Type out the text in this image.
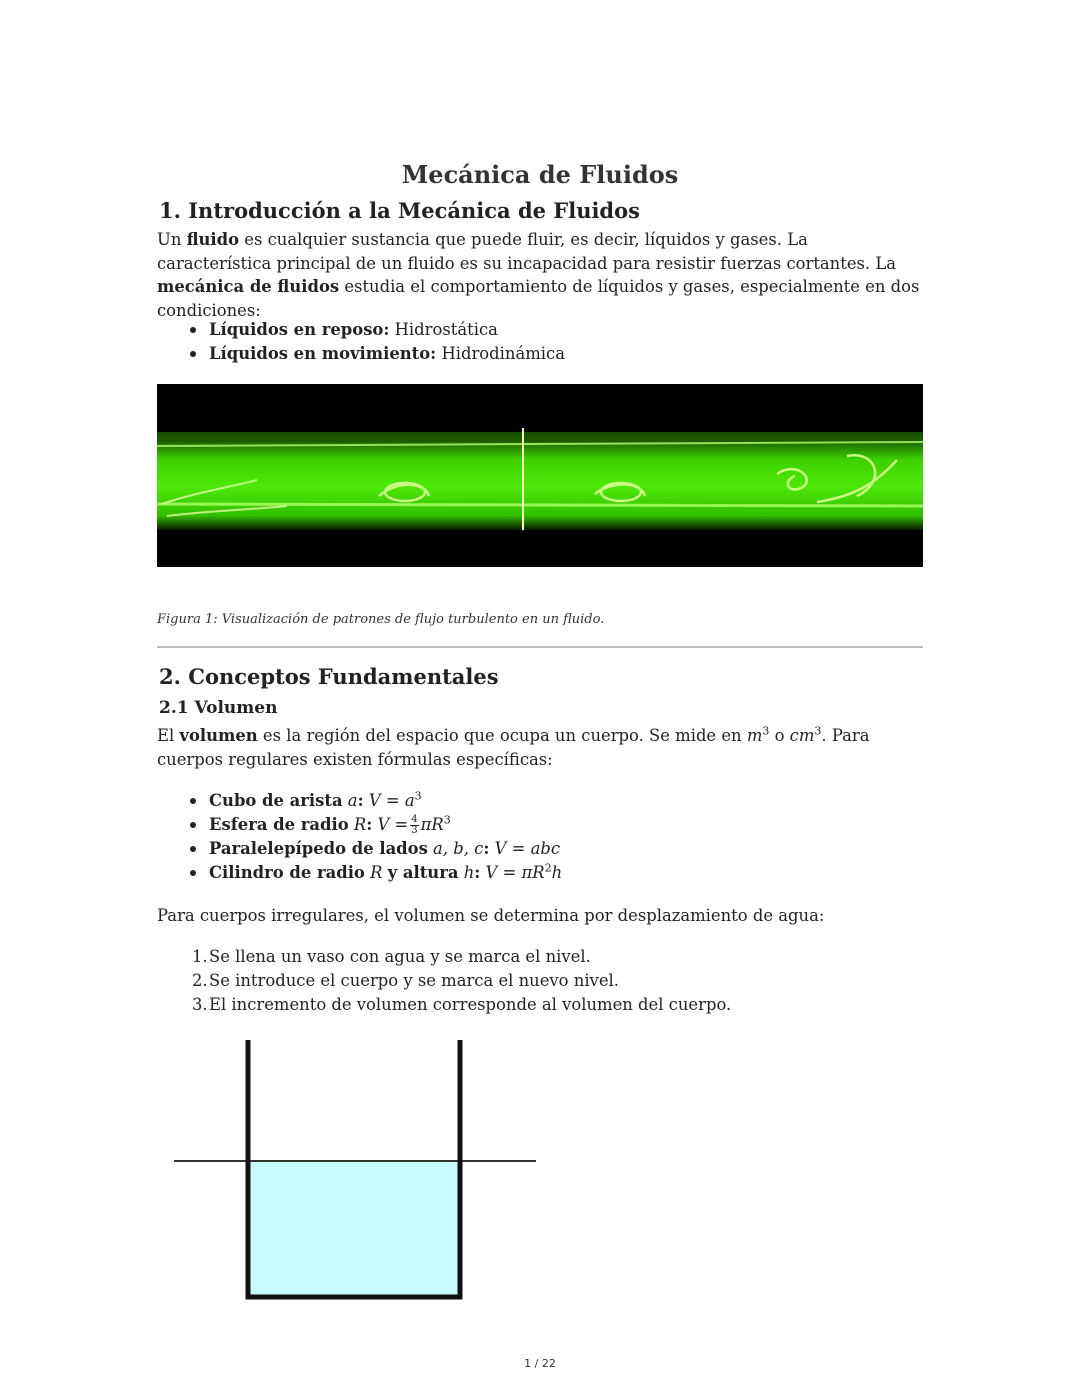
Mecánica de Fluidos
1. Introducción a la Mecánica de Fluidos

Un fluido es cualquier sustancia que puede fluir, es decir, líquidos y gases. La característica principal de un fluido es su incapacidad para resistir fuerzas cortantes. La mecánica de fluidos estudia el comportamiento de líquidos y gases, especialmente en dos condiciones:

Líquidos en reposo: Hidrostática
Líquidos en movimiento: Hidrodinámica

Figura 1: Visualización de patrones de flujo turbulento en un fluido.

2. Conceptos Fundamentales
2.1 Volumen

El volumen es la región del espacio que ocupa un cuerpo. Se mide en $m^3$ o $cm^3$. Para cuerpos regulares existen fórmulas específicas:

Cubo de arista a: $V = a^3$
Esfera de radio R: $V = \frac{4}{3} \pi R^3$
Paralelepípedo de lados a, b, c: V = abc
Cilindro de radio R y altura h: $V = \pi R^2h$

Para cuerpos irregulares, el volumen se determina por desplazamiento de agua:

1.Se llena un vaso con agua y se marca el nivel.
2.Se introduce el cuerpo y se marca el nuevo nivel.
3.El incremento de volumen corresponde al volumen del cuerpo.
1 / 22
